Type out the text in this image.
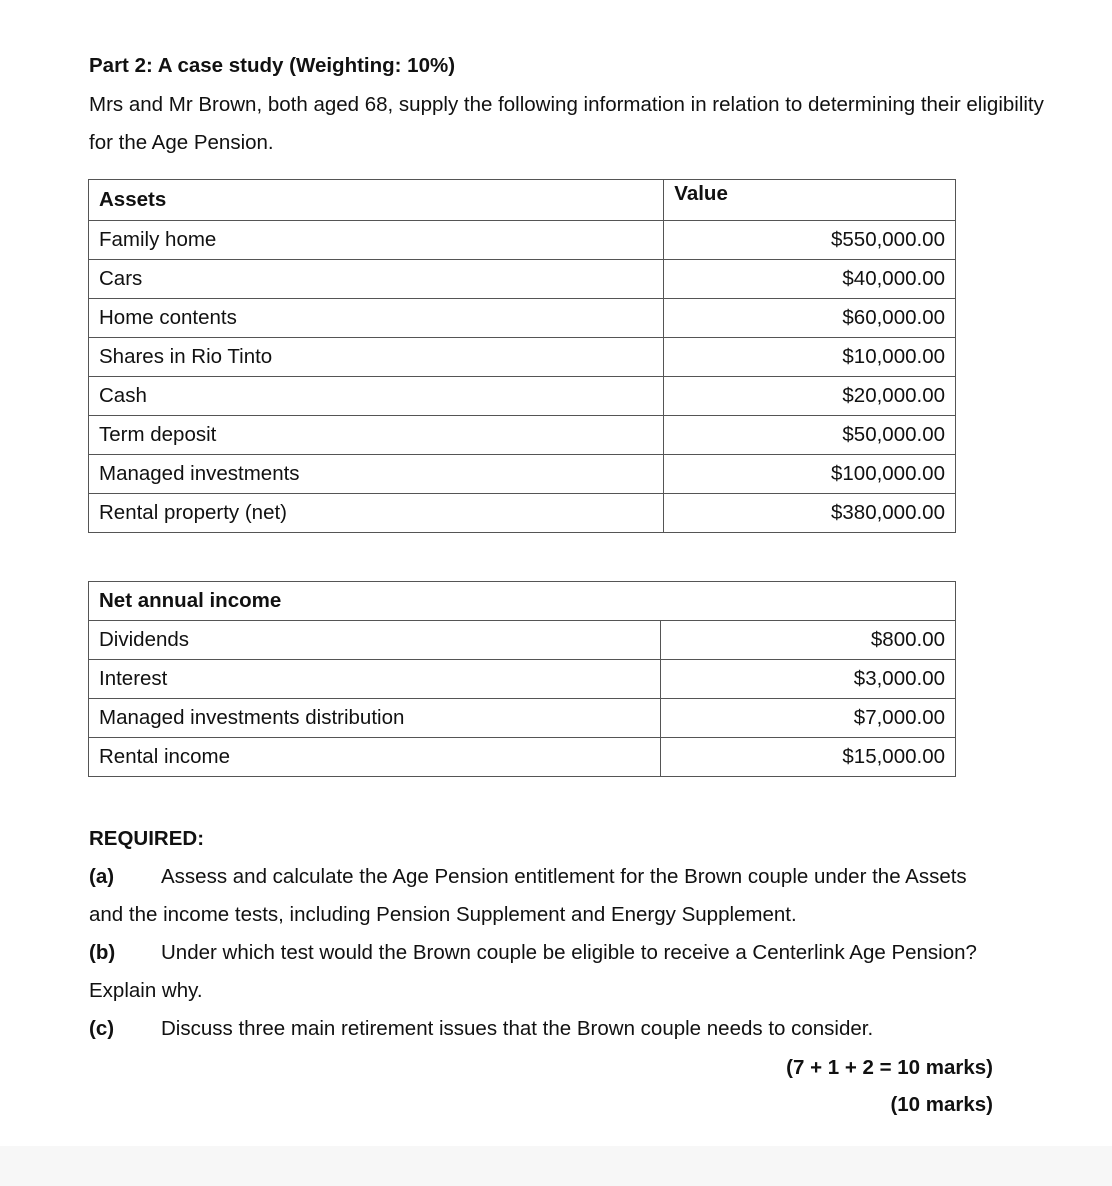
Part 2: A case study (Weighting: 10%)
Mrs and Mr Brown, both aged 68, supply the following information in relation to determining their eligibility for the Age Pension.
Assets	Value
Family home	$550,000.00
Cars	$40,000.00
Home contents	$60,000.00
Shares in Rio Tinto	$10,000.00
Cash	$20,000.00
Term deposit	$50,000.00
Managed investments	$100,000.00
Rental property (net)	$380,000.00
Net annual income	
Dividends	$800.00
Interest	$3,000.00
Managed investments distribution	$7,000.00
Rental income	$15,000.00
REQUIRED:
(a) Assess and calculate the Age Pension entitlement for the Brown couple under the Assets and the income tests, including Pension Supplement and Energy Supplement.
(b) Under which test would the Brown couple be eligible to receive a Centerlink Age Pension? Explain why.
(c) Discuss three main retirement issues that the Brown couple needs to consider.
(7 + 1 + 2 = 10 marks)
(10 marks)
